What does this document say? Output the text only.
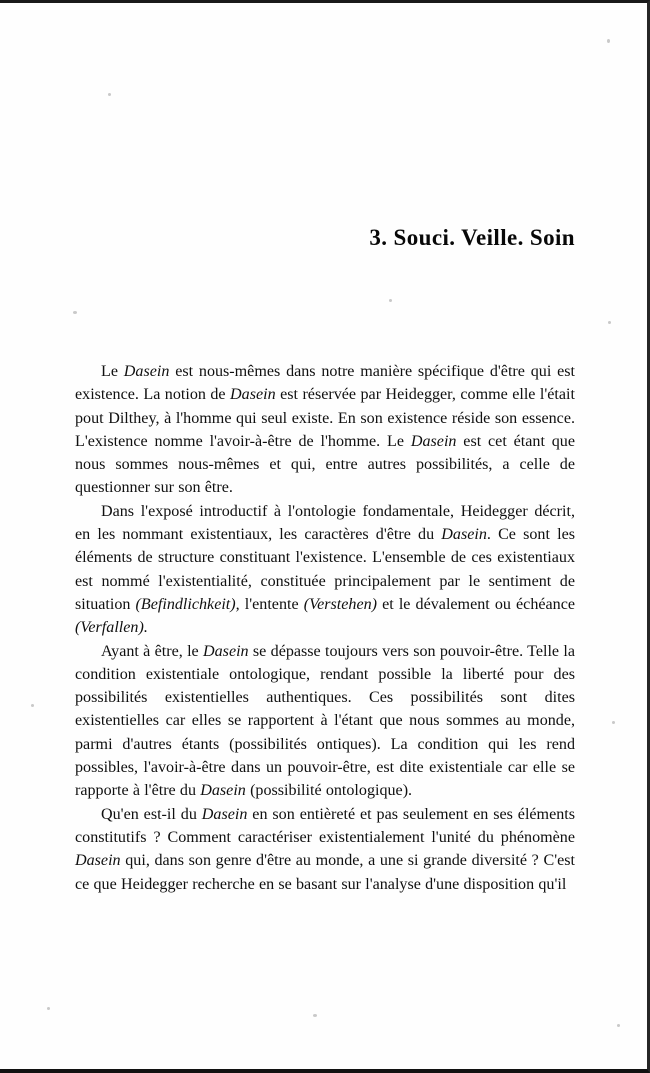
3. Souci. Veille. Soin

Le Dasein est nous-mêmes dans notre manière spécifique d'être qui est existence. La notion de Dasein est réservée par Heidegger, comme elle l'était pout Dilthey, à l'homme qui seul existe. En son existence réside son essence. L'existence nomme l'avoir-à-être de l'homme. Le Dasein est cet étant que nous sommes nous-mêmes et qui, entre autres possibilités, a celle de questionner sur son être.

Dans l'exposé introductif à l'ontologie fondamentale, Heidegger décrit, en les nommant existentiaux, les caractères d'être du Dasein. Ce sont les éléments de structure constituant l'existence. L'ensemble de ces existentiaux est nommé l'existentialité, constituée principalement par le sentiment de situation (Befindlichkeit), l'entente (Verstehen) et le dévalement ou échéance (Verfallen).

Ayant à être, le Dasein se dépasse toujours vers son pouvoir-être. Telle la condition existentiale ontologique, rendant possible la liberté pour des possibilités existentielles authentiques. Ces possibilités sont dites existentielles car elles se rapportent à l'étant que nous sommes au monde, parmi d'autres étants (possibilités ontiques). La condition qui les rend possibles, l'avoir-à-être dans un pouvoir-être, est dite existentiale car elle se rapporte à l'être du Dasein (possibilité ontologique).

Qu'en est-il du Dasein en son entièreté et pas seulement en ses éléments constitutifs ? Comment caractériser existentialement l'unité du phénomène Dasein qui, dans son genre d'être au monde, a une si grande diversité ? C'est ce que Heidegger recherche en se basant sur l'analyse d'une disposition qu'il
